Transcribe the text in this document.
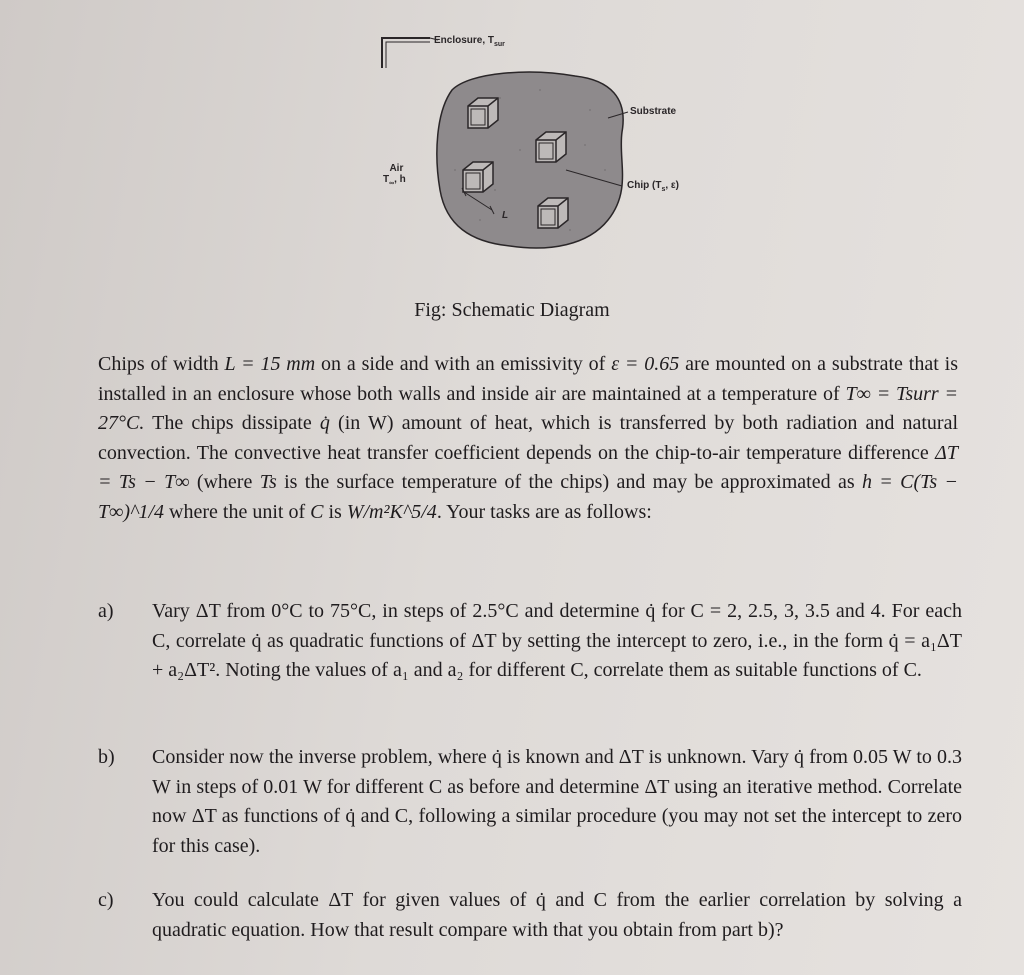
Enclosure, $T_{sur}$
Substrate
Air
$T_\infty$, h
Chip ($T_s$, ε)
L
Fig: Schematic Diagram

Chips of width L = 15 mm on a side and with an emissivity of ε = 0.65 are mounted on a substrate that is installed in an enclosure whose both walls and inside air are maintained at a temperature of T∞ = Tsurr = 27°C. The chips dissipate q̇ (in W) amount of heat, which is transferred by both radiation and natural convection. The convective heat transfer coefficient depends on the chip-to-air temperature difference ΔT = Ts − T∞ (where Ts is the surface temperature of the chips) and may be approximated as h = C(Ts − T∞)^1/4 where the unit of C is W/m²K^5/4. Your tasks are as follows:

a) Vary ΔT from 0°C to 75°C, in steps of 2.5°C and determine q̇ for C = 2, 2.5, 3, 3.5 and 4. For each C, correlate q̇ as quadratic functions of ΔT by setting the intercept to zero, i.e., in the form q̇ = a₁ΔT + a₂ΔT². Noting the values of a₁ and a₂ for different C, correlate them as suitable functions of C.
b) Consider now the inverse problem, where q̇ is known and ΔT is unknown. Vary q̇ from 0.05 W to 0.3 W in steps of 0.01 W for different C as before and determine ΔT using an iterative method. Correlate now ΔT as functions of q̇ and C, following a similar procedure (you may not set the intercept to zero for this case).
c) You could calculate ΔT for given values of q̇ and C from the earlier correlation by solving a quadratic equation. How that result compare with that you obtain from part b)?
